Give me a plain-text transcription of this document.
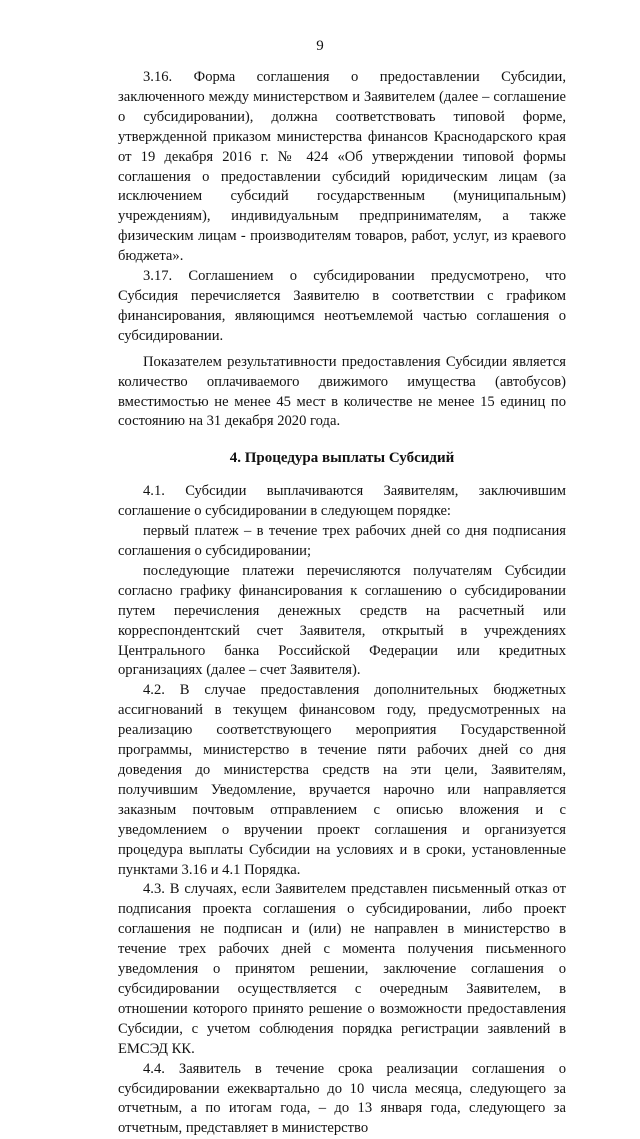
9

3.16. Форма соглашения о предоставлении Субсидии, заключенного между министерством и Заявителем (далее – соглашение о субсидировании), должна соответствовать типовой форме, утвержденной приказом министерства финансов Краснодарского края от 19 декабря 2016 г. № 424 «Об утверждении типовой формы соглашения о предоставлении субсидий юридическим лицам (за исключением субсидий государственным (муниципальным) учреждениям), индивидуальным предпринимателям, а также физическим лицам - производителям товаров, работ, услуг, из краевого бюджета».

3.17. Соглашением о субсидировании предусмотрено, что Субсидия перечисляется Заявителю в соответствии с графиком финансирования, являющимся неотъемлемой частью соглашения о субсидировании.

Показателем результативности предоставления Субсидии является количество оплачиваемого движимого имущества (автобусов) вместимостью не менее 45 мест в количестве не менее 15 единиц по состоянию на 31 декабря 2020 года.

4. Процедура выплаты Субсидий

4.1. Субсидии выплачиваются Заявителям, заключившим соглашение о субсидировании в следующем порядке:

первый платеж – в течение трех рабочих дней со дня подписания соглашения о субсидировании;

последующие платежи перечисляются получателям Субсидии согласно графику финансирования к соглашению о субсидировании путем перечисления денежных средств на расчетный или корреспондентский счет Заявителя, открытый в учреждениях Центрального банка Российской Федерации или кредитных организациях (далее – счет Заявителя).

4.2. В случае предоставления дополнительных бюджетных ассигнований в текущем финансовом году, предусмотренных на реализацию соответствующего мероприятия Государственной программы, министерство в течение пяти рабочих дней со дня доведения до министерства средств на эти цели, Заявителям, получившим Уведомление, вручается нарочно или направляется заказным почтовым отправлением с описью вложения и с уведомлением о вручении проект соглашения и организуется процедура выплаты Субсидии на условиях и в сроки, установленные пунктами 3.16 и 4.1 Порядка.

4.3. В случаях, если Заявителем представлен письменный отказ от подписания проекта соглашения о субсидировании, либо проект соглашения не подписан и (или) не направлен в министерство в течение трех рабочих дней с момента получения письменного уведомления о принятом решении, заключение соглашения о субсидировании осуществляется с очередным Заявителем, в отношении которого принято решение о возможности предоставления Субсидии, с учетом соблюдения порядка регистрации заявлений в ЕМСЭД КК.

4.4. Заявитель в течение срока реализации соглашения о субсидировании ежеквартально до 10 числа месяца, следующего за отчетным, а по итогам года, – до 13 января года, следующего за отчетным, представляет в министерство
